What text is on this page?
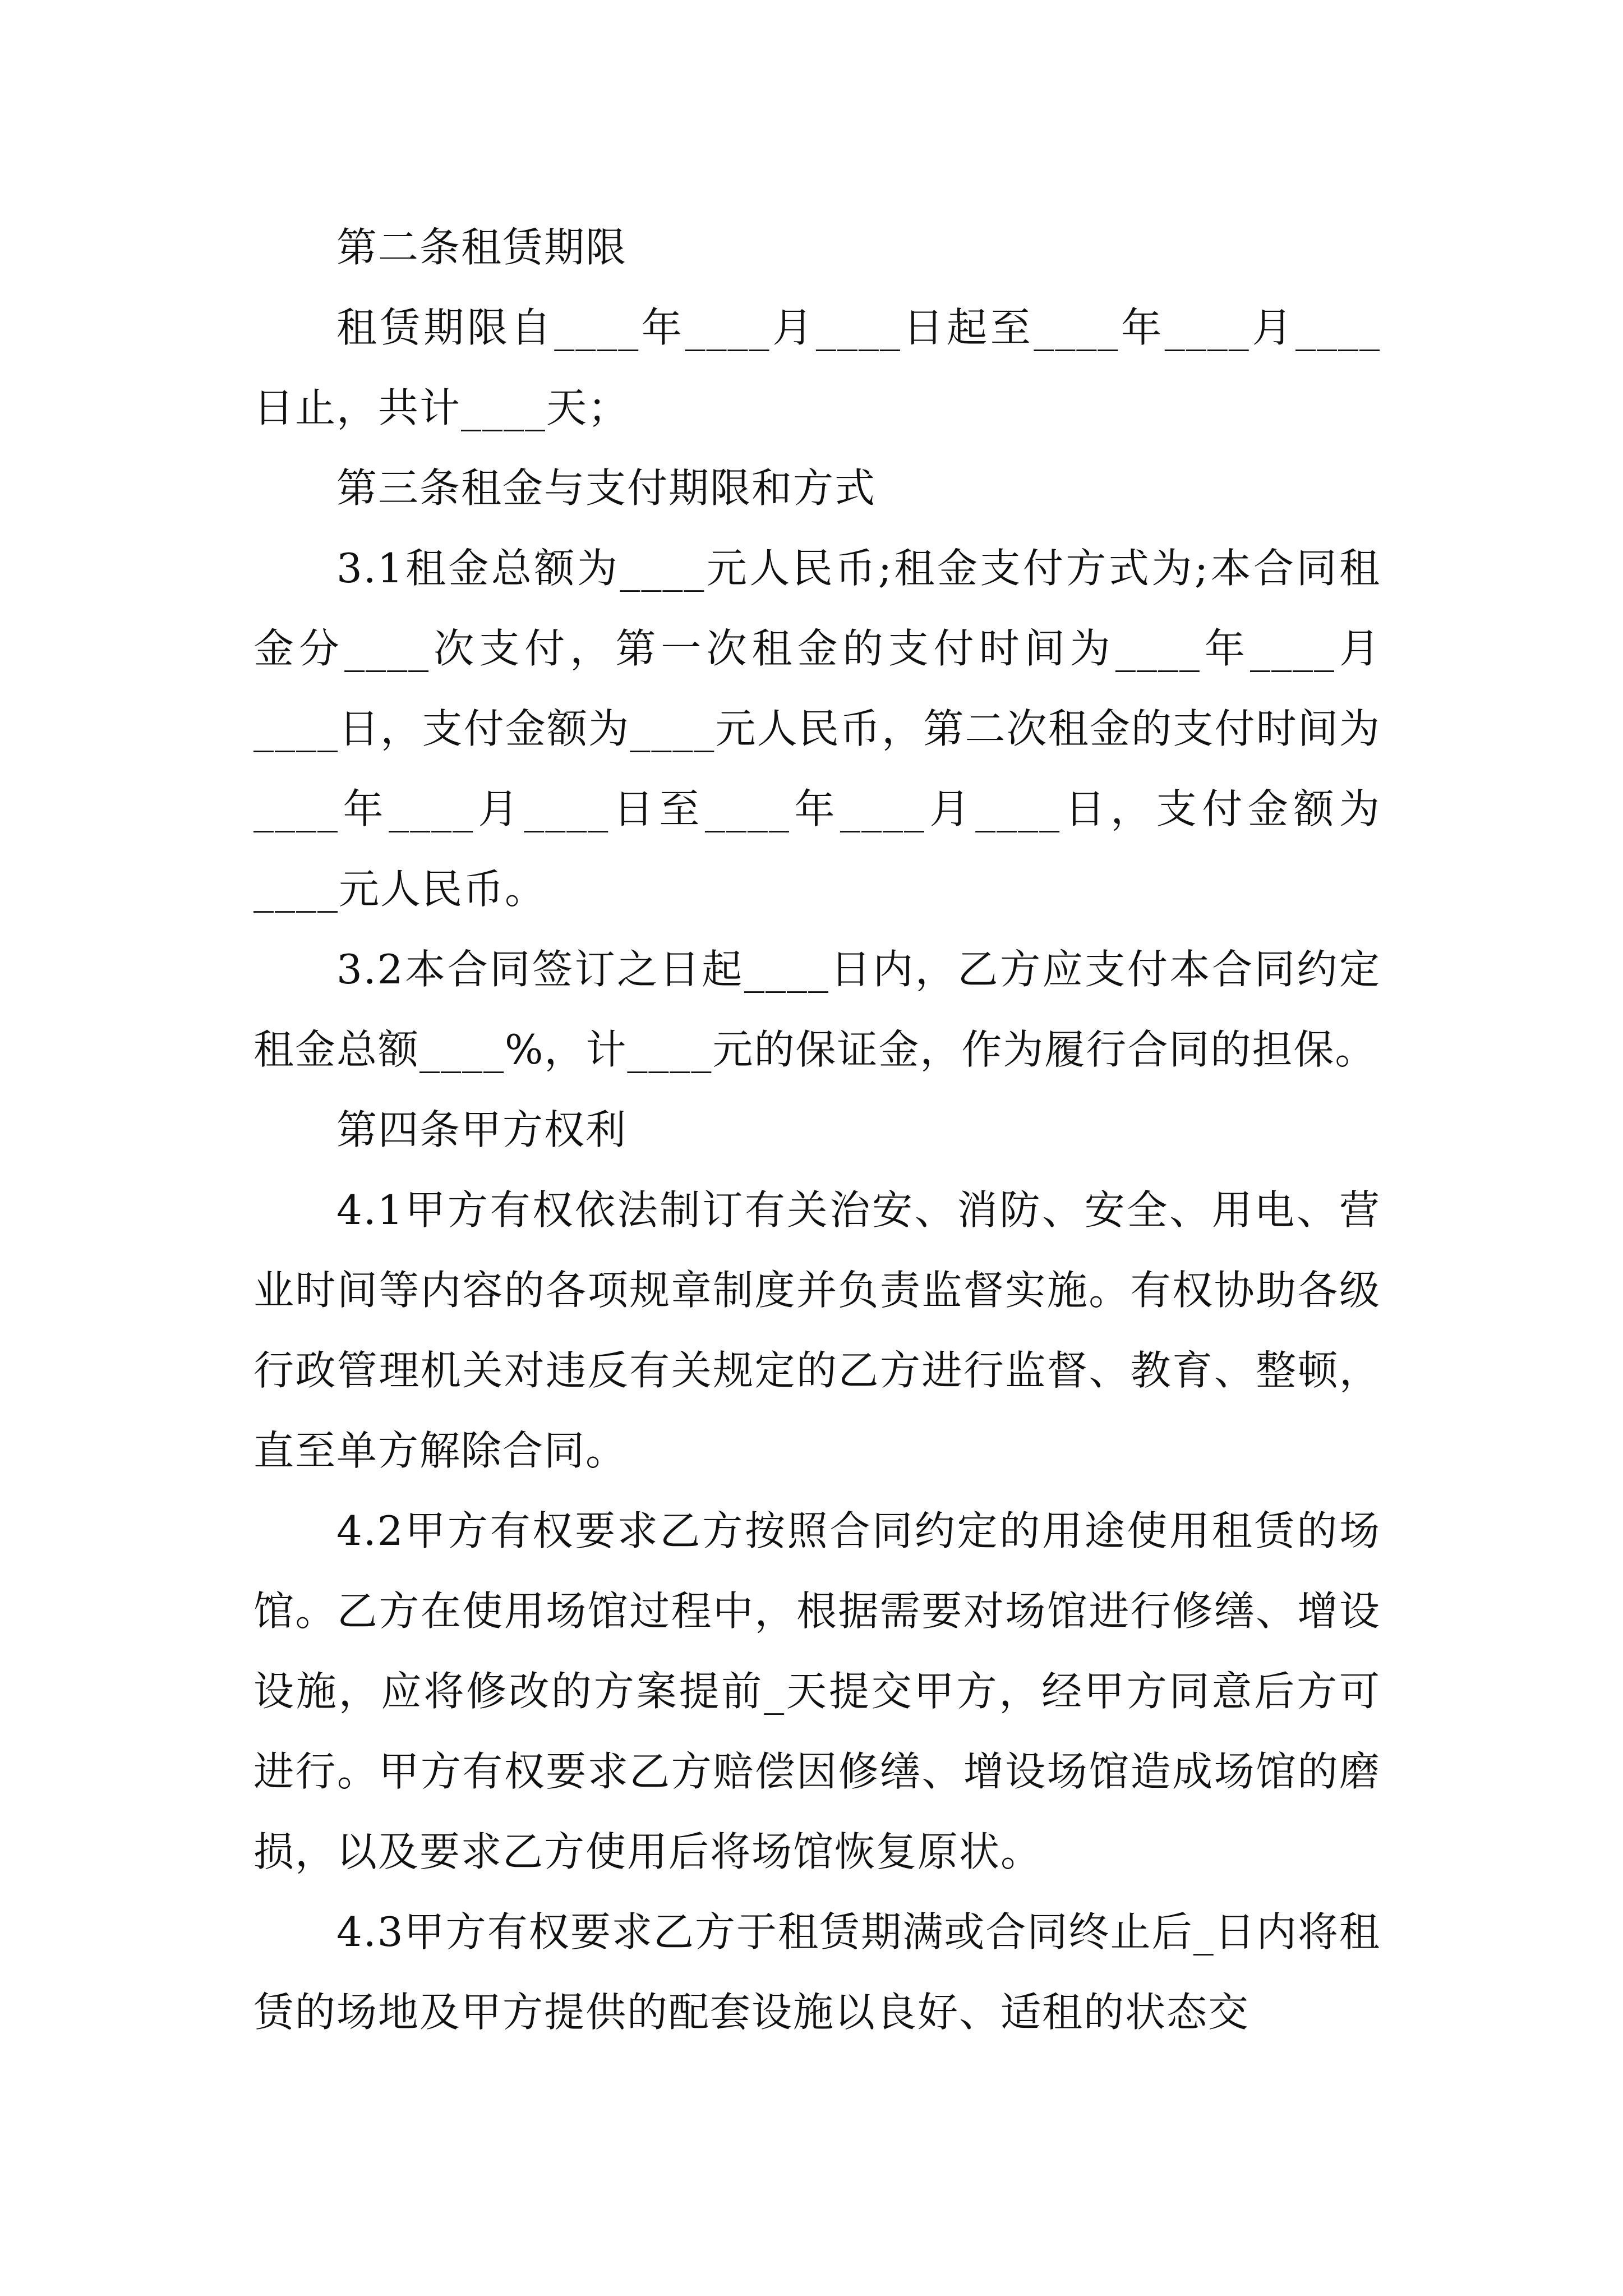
第二条租赁期限

租赁期限自____年____月____日起至____年____月____日止，共计____天；

第三条租金与支付期限和方式

3.1租金总额为____元人民币;租金支付方式为;本合同租金分____次支付，第一次租金的支付时间为____年____月____日，支付金额为____元人民币，第二次租金的支付时间为____年____月____日至____年____月____日，支付金额为____元人民币。

3.2本合同签订之日起____日内，乙方应支付本合同约定租金总额____%，计____元的保证金，作为履行合同的担保。

第四条甲方权利

4.1甲方有权依法制订有关治安、消防、安全、用电、营业时间等内容的各项规章制度并负责监督实施。有权协助各级行政管理机关对违反有关规定的乙方进行监督、教育、整顿，直至单方解除合同。

4.2甲方有权要求乙方按照合同约定的用途使用租赁的场馆。乙方在使用场馆过程中，根据需要对场馆进行修缮、增设设施，应将修改的方案提前_天提交甲方，经甲方同意后方可进行。甲方有权要求乙方赔偿因修缮、增设场馆造成场馆的磨损，以及要求乙方使用后将场馆恢复原状。

4.3甲方有权要求乙方于租赁期满或合同终止后_日内将租赁的场地及甲方提供的配套设施以良好、适租的状态交
